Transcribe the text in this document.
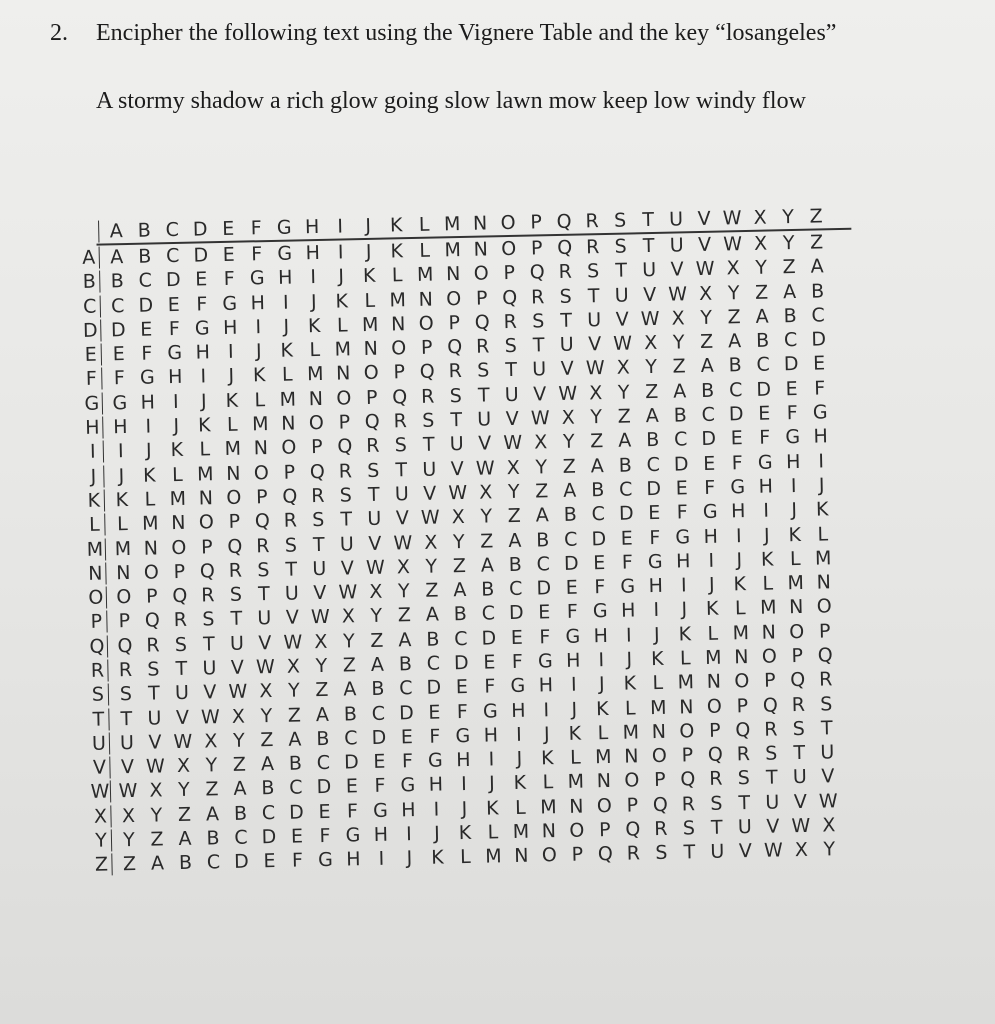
2. Encipher the following text using the Vignere Table and the key “losangeles”
A stormy shadow a rich glow going slow lawn mow keep low windy flow
A B C D E F G H I	J K L M N O P Q R S T U V W X Y Z
A A B C D E F G H I	J K L M N O P Q R S T U V W X Y Z
B B C D E F G H I	J K L M N O P Q R S T U V W X Y Z A
C C D E F G H I	J K L M N O P Q R S T U V W X Y Z A B
D D E F G H I	J K L M N O P Q R S T U V W X Y Z A B C
E E F G H I	J K L M N O P Q R S T U V W X Y Z A B C D
F F G H I	J K L M N O P Q R S T U V W X Y Z A B C D E
G G H I	J K L M N O P Q R S T U V W X Y Z A B C D E F
H H I	J K L M N O P Q R S T U V W X Y Z A B C D E F G
I	I	J K L M N O P Q R S T U V W X Y Z A B C D E F G H
J	J K L M N O P Q R S T U V W X Y Z A B C D E F G H I
K K L M N O P Q R S T U V W X Y Z A B C D E F G H I	J
L L M N O P Q R S T U V W X Y Z A B C D E F G H I	J K
M M N O P Q R S T U V W X Y Z A B C D E F G H I	J K L
N N O P Q R S T U V W X Y Z A B C D E F G H I	J K L M
O O P Q R S T U V W X Y Z A B C D E F G H I	J K L M N
P P Q R S T U V W X Y Z A B C D E F G H I	J K L M N O
Q Q R S T U V W X Y Z A B C D E F G H I	J K L M N O P
R R S T U V W X Y Z A B C D E F G H I	J K L M N O P Q
S S T U V W X Y Z A B C D E F G H I	J K L M N O P Q R
T T U V W X Y Z A B C D E F G H I	J K L M N O P Q R S
U U V W X Y Z A B C D E F G H I	J K L M N O P Q R S T
V V W X Y Z A B C D E F G H I	J K L M N O P Q R S T U
W W X Y Z A B C D E F G H I	J K L M N O P Q R S T U V
X X Y Z A B C D E F G H I	J K L M N O P Q R S T U V W
Y Y Z A B C D E F G H I	J K L M N O P Q R S T U V W X
Z Z A B C D E F G H I	J K L M N O P Q R S T U V W X Y
